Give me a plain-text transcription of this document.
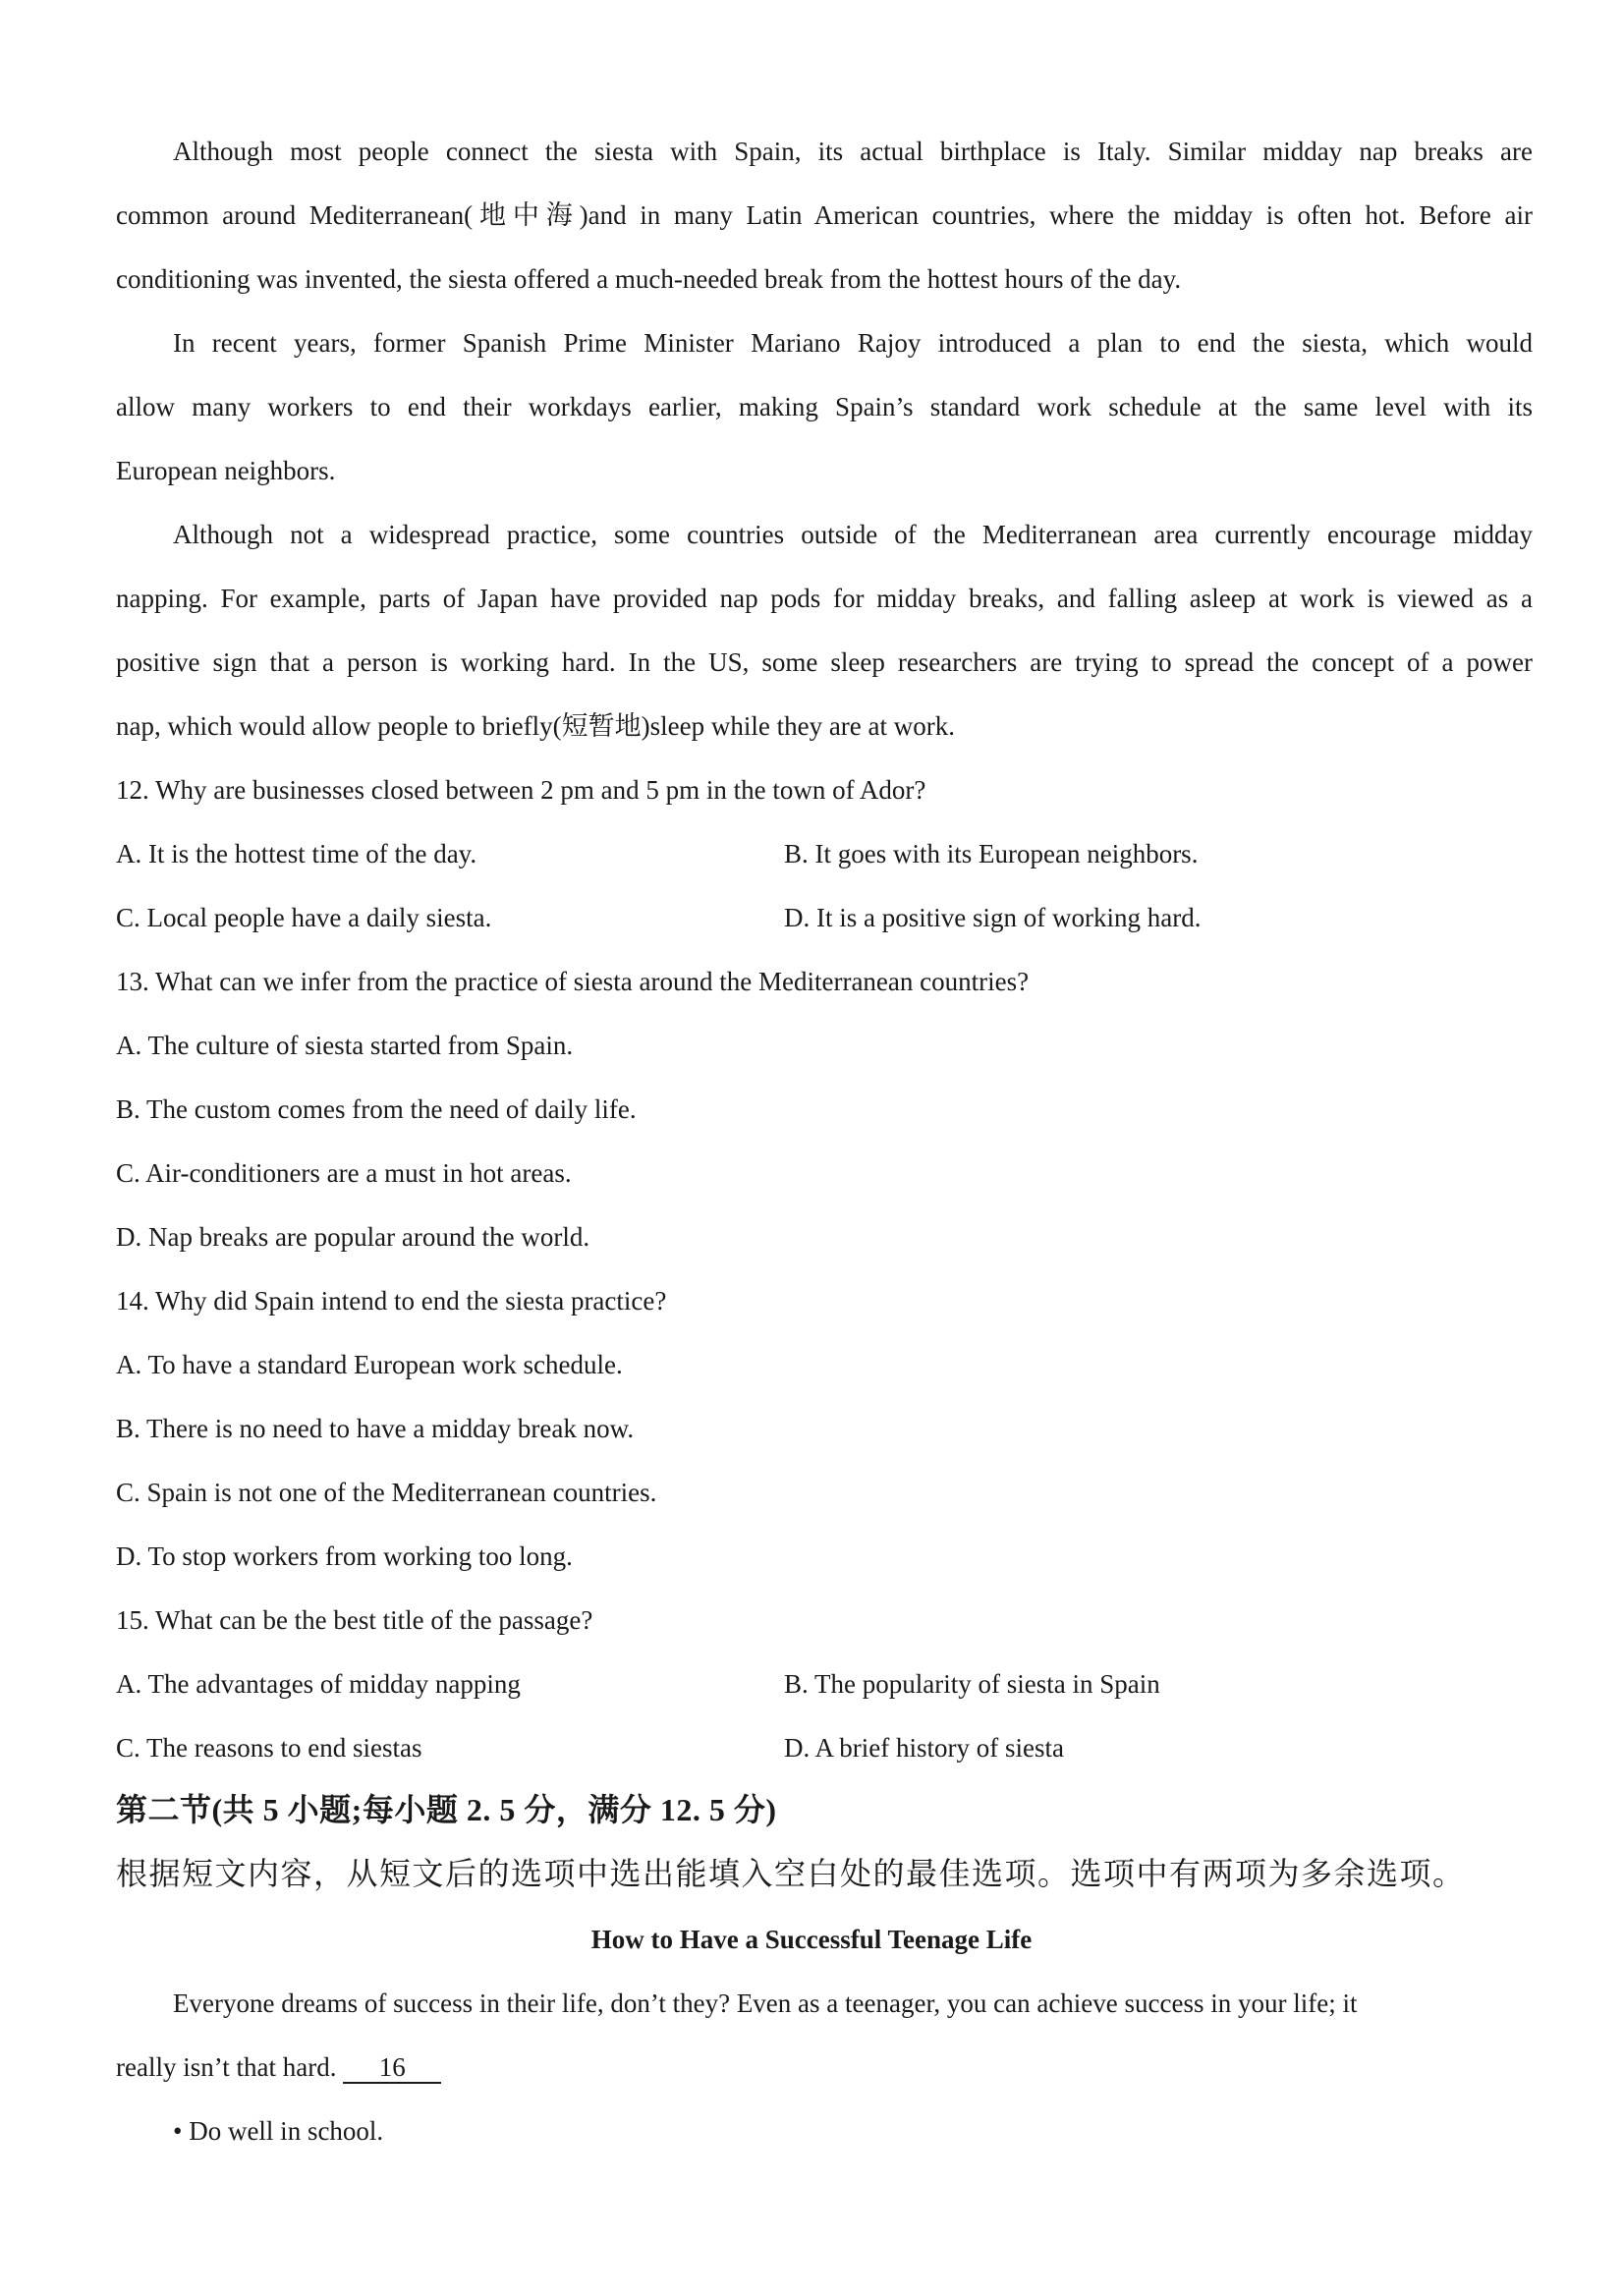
Although most people connect the siesta with Spain, its actual birthplace is Italy. Similar midday nap breaks are
common around Mediterranean(地中海)and in many Latin American countries, where the midday is often hot. Before air
conditioning was invented, the siesta offered a much-needed break from the hottest hours of the day.
In recent years, former Spanish Prime Minister Mariano Rajoy introduced a plan to end the siesta, which would
allow many workers to end their workdays earlier, making Spain’s standard work schedule at the same level with its
European neighbors.
Although not a widespread practice, some countries outside of the Mediterranean area currently encourage midday
napping. For example, parts of Japan have provided nap pods for midday breaks, and falling asleep at work is viewed as a
positive sign that a person is working hard. In the US, some sleep researchers are trying to spread the concept of a power
nap, which would allow people to briefly(短暂地)sleep while they are at work.
12. Why are businesses closed between 2 pm and 5 pm in the town of Ador?
A. It is the hottest time of the day.	B. It goes with its European neighbors.
C. Local people have a daily siesta.	D. It is a positive sign of working hard.
13. What can we infer from the practice of siesta around the Mediterranean countries?
A. The culture of siesta started from Spain.
B. The custom comes from the need of daily life.
C. Air-conditioners are a must in hot areas.
D. Nap breaks are popular around the world.
14. Why did Spain intend to end the siesta practice?
A. To have a standard European work schedule.
B. There is no need to have a midday break now.
C. Spain is not one of the Mediterranean countries.
D. To stop workers from working too long.
15. What can be the best title of the passage?
A. The advantages of midday napping	B. The popularity of siesta in Spain
C. The reasons to end siestas	D. A brief history of siesta
第二节(共 5 小题;每小题 2. 5 分，满分 12. 5 分)
根据短文内容，从短文后的选项中选出能填入空白处的最佳选项。选项中有两项为多余选项。
How to Have a Successful Teenage Life
Everyone dreams of success in their life, don’t they? Even as a teenager, you can achieve success in your life; it
really isn’t that hard. 16
• Do well in school.
